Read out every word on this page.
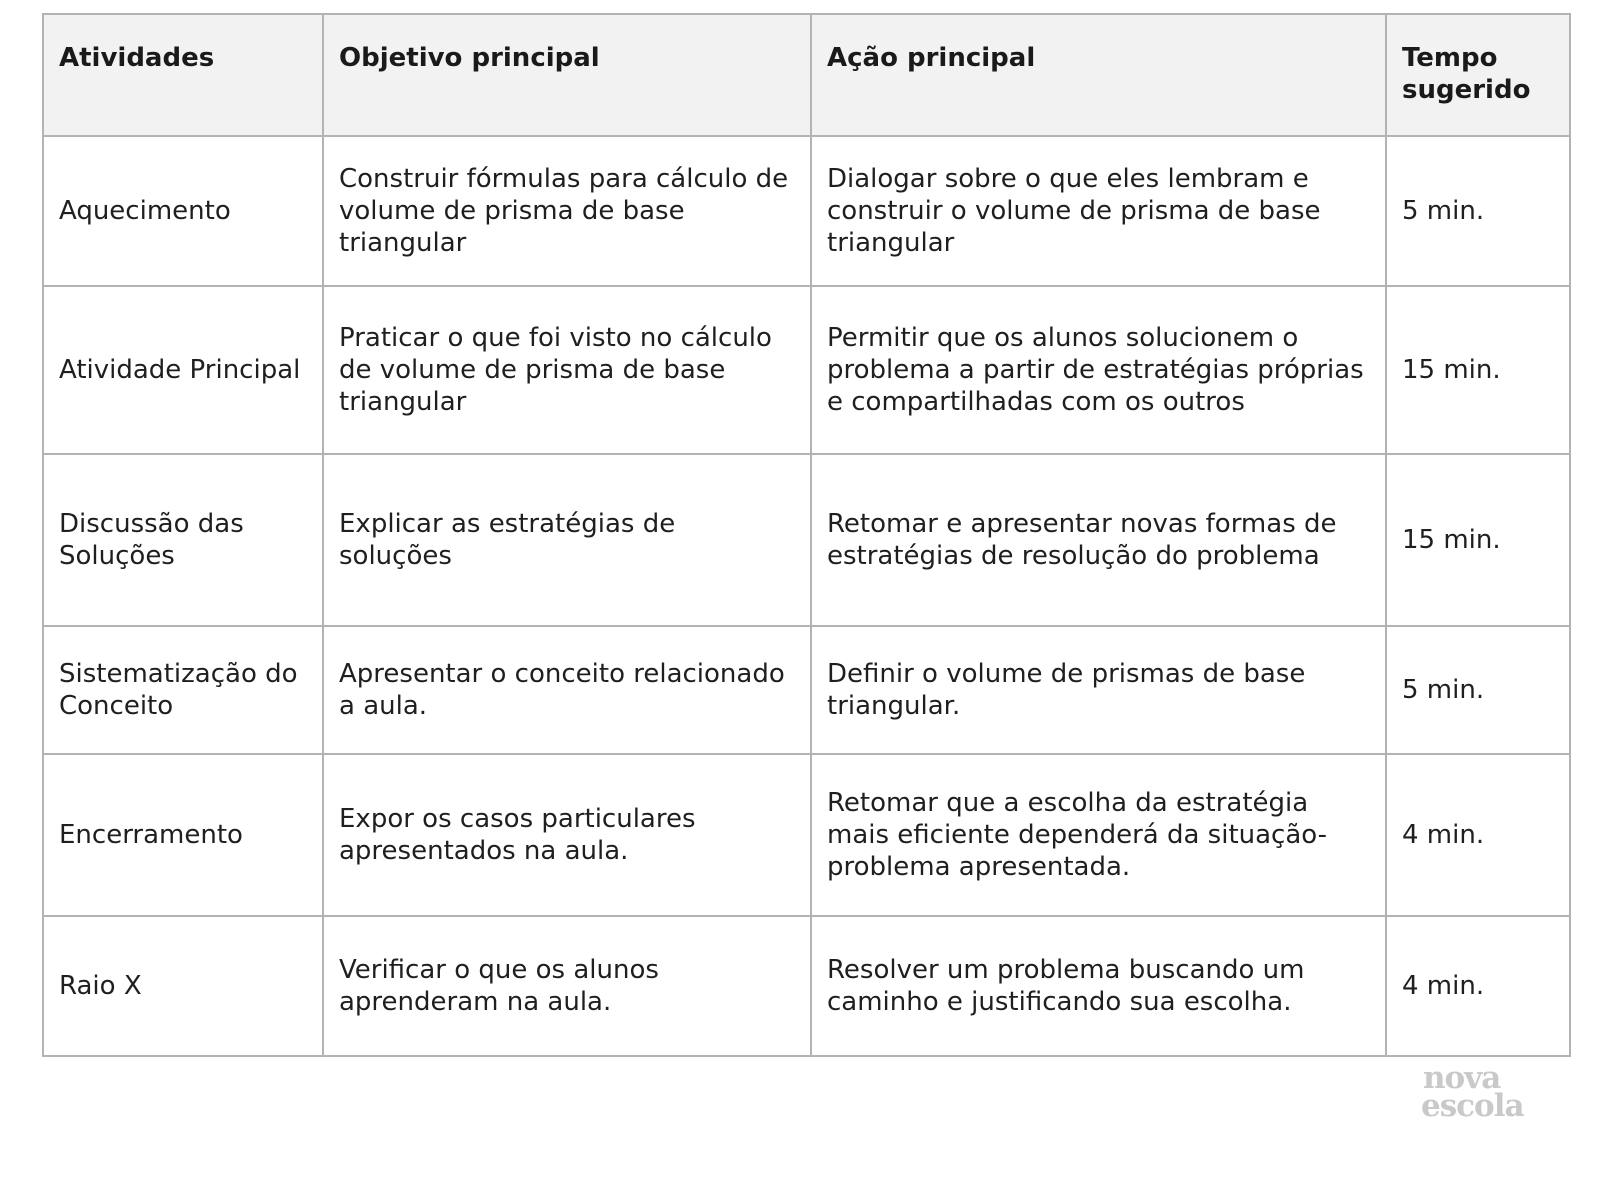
Atividades	Objetivo principal	Ação principal	Tempo sugerido
Aquecimento	Construir fórmulas para cálculo de volume de prisma de base triangular	Dialogar sobre o que eles lembram e construir o volume de prisma de base triangular	5 min.
Atividade Principal	Praticar o que foi visto no cálculo de volume de prisma de base triangular	Permitir que os alunos solucionem o problema a partir de estratégias próprias e compartilhadas com os outros	15 min.
Discussão das Soluções	Explicar as estratégias de soluções	Retomar e apresentar novas formas de estratégias de resolução do problema	15 min.
Sistematização do Conceito	Apresentar o conceito relacionado a aula.	Definir o volume de prismas de base triangular.	5 min.
Encerramento	Expor os casos particulares apresentados na aula.	Retomar que a escolha da estratégia mais eficiente dependerá da situação-problema apresentada.	4 min.
Raio X	Verificar o que os alunos aprenderam na aula.	Resolver um problema buscando um caminho e justificando sua escolha.	4 min.
nova
escola
